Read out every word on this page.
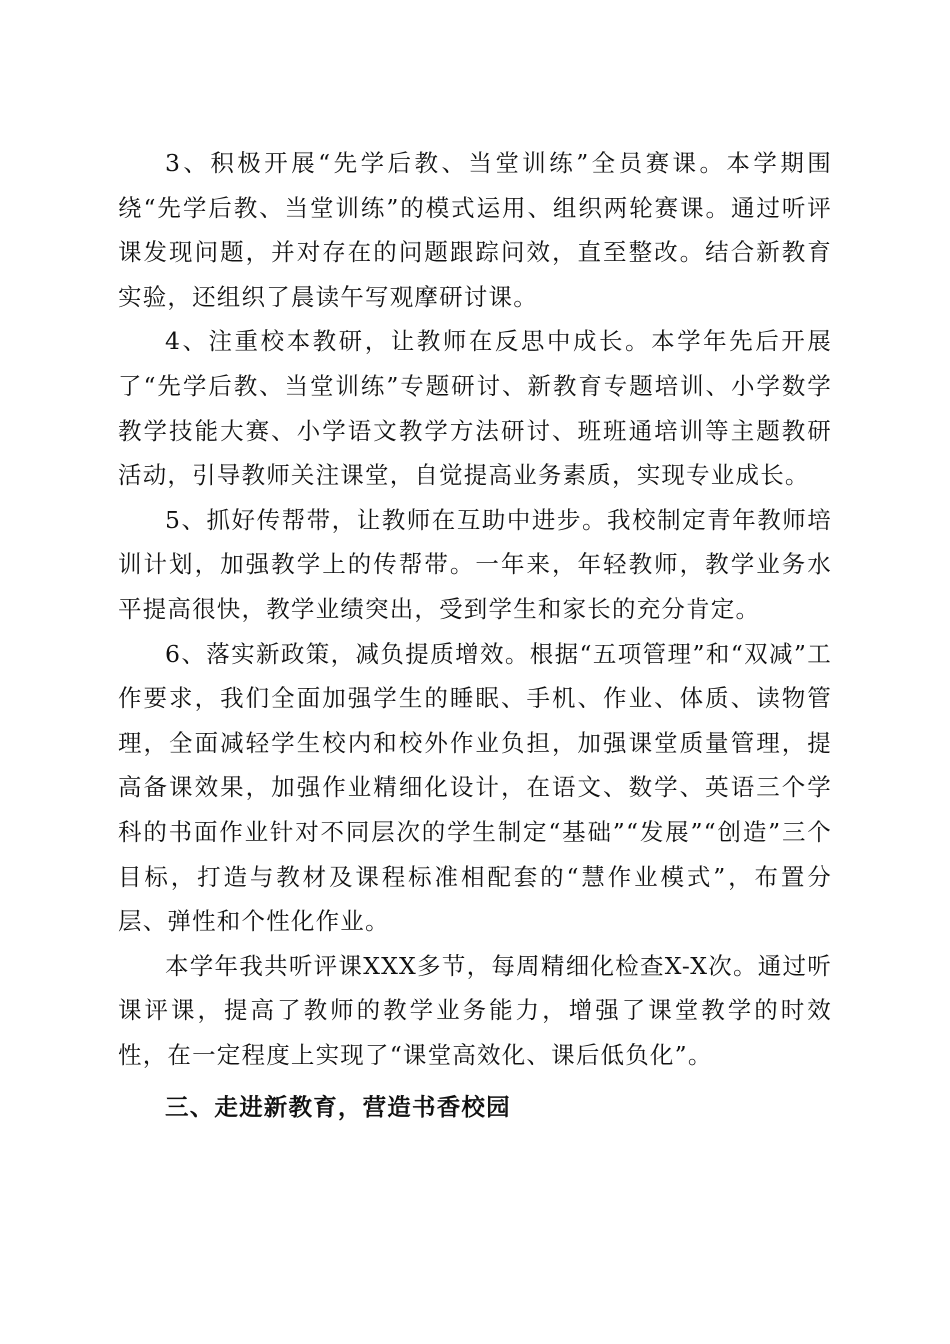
3、积极开展“先学后教、当堂训练”全员赛课。本学期围绕“先学后教、当堂训练”的模式运用、组织两轮赛课。通过听评课发现问题，并对存在的问题跟踪问效，直至整改。结合新教育实验，还组织了晨读午写观摩研讨课。

4、注重校本教研，让教师在反思中成长。本学年先后开展了“先学后教、当堂训练”专题研讨、新教育专题培训、小学数学教学技能大赛、小学语文教学方法研讨、班班通培训等主题教研活动，引导教师关注课堂，自觉提高业务素质，实现专业成长。

5、抓好传帮带，让教师在互助中进步。我校制定青年教师培训计划，加强教学上的传帮带。一年来，年轻教师，教学业务水平提高很快，教学业绩突出，受到学生和家长的充分肯定。

6、落实新政策，减负提质增效。根据“五项管理”和“双减”工作要求，我们全面加强学生的睡眠、手机、作业、体质、读物管理，全面减轻学生校内和校外作业负担，加强课堂质量管理，提高备课效果，加强作业精细化设计，在语文、数学、英语三个学科的书面作业针对不同层次的学生制定“基础”“发展”“创造”三个目标，打造与教材及课程标准相配套的“慧作业模式”，布置分层、弹性和个性化作业。

本学年我共听评课XXX多节，每周精细化检查X-X次。通过听课评课，提高了教师的教学业务能力，增强了课堂教学的时效性，在一定程度上实现了“课堂高效化、课后低负化”。

三、走进新教育，营造书香校园
